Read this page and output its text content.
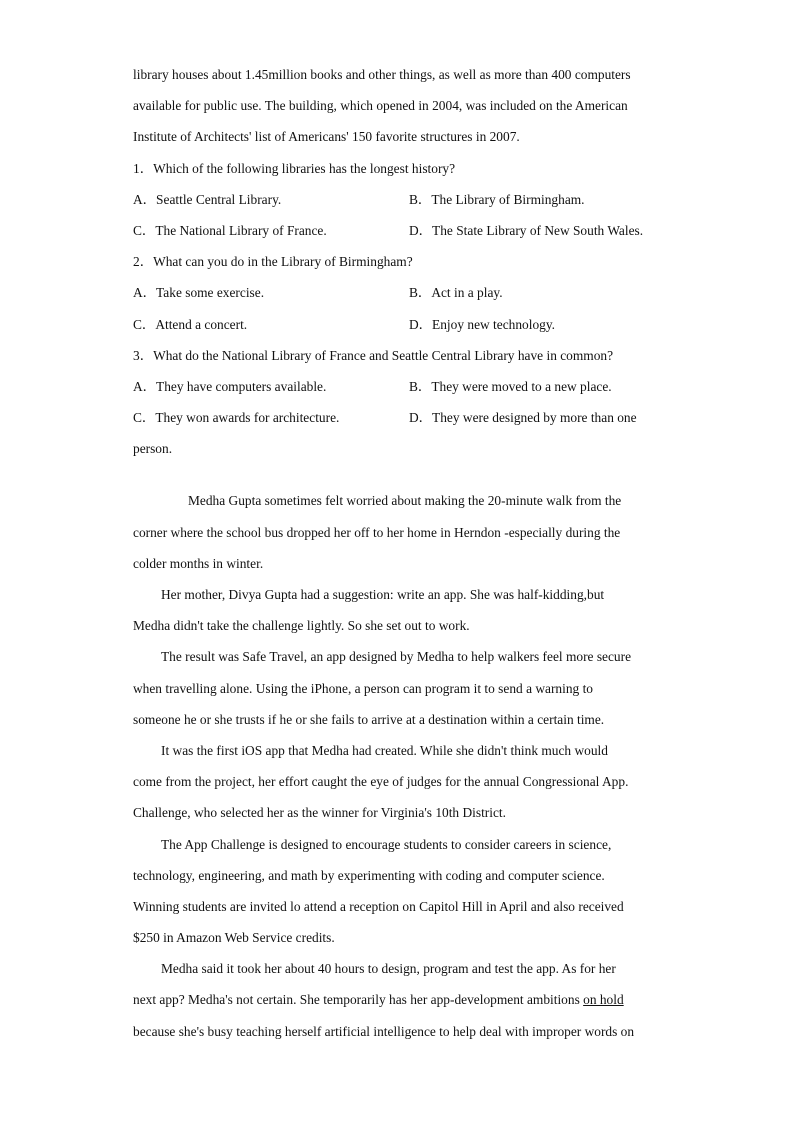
library houses about 1.45million books and other things, as well as more than 400 computers
available for public use. The building, which opened in 2004, was included on the American
Institute of Architects' list of Americans' 150 favorite structures in 2007.
1．Which of the following libraries has the longest history?
A．Seattle Central Library.	B．The Library of Birmingham.
C．The National Library of France.	D．The State Library of New South Wales.
2．What can you do in the Library of Birmingham?
A．Take some exercise.	B．Act in a play.
C．Attend a concert.	D．Enjoy new technology.
3．What do the National Library of France and Seattle Central Library have in common?
A．They have computers available.	B．They were moved to a new place.
C．They won awards for architecture.	D．They were designed by more than one
person.
Medha Gupta sometimes felt worried about making the 20-minute walk from the
corner where the school bus dropped her off to her home in Herndon -especially during the
colder months in winter.
Her mother, Divya Gupta had a suggestion: write an app. She was half-kidding,but
Medha didn't take the challenge lightly. So she set out to work.
The result was Safe Travel, an app designed by Medha to help walkers feel more secure
when travelling alone. Using the iPhone, a person can program it to send a warning to
someone he or she trusts if he or she fails to arrive at a destination within a certain time.
It was the first iOS app that Medha had created. While she didn't think much would
come from the project, her effort caught the eye of judges for the annual Congressional App.
Challenge, who selected her as the winner for Virginia's 10th District.
The App Challenge is designed to encourage students to consider careers in science,
technology, engineering, and math by experimenting with coding and computer science.
Winning students are invited lo attend a reception on Capitol Hill in April and also received
$250 in Amazon Web Service credits.
Medha said it took her about 40 hours to design, program and test the app. As for her
next app? Medha's not certain. She temporarily has her app-development ambitions on hold
because she's busy teaching herself artificial intelligence to help deal with improper words on
